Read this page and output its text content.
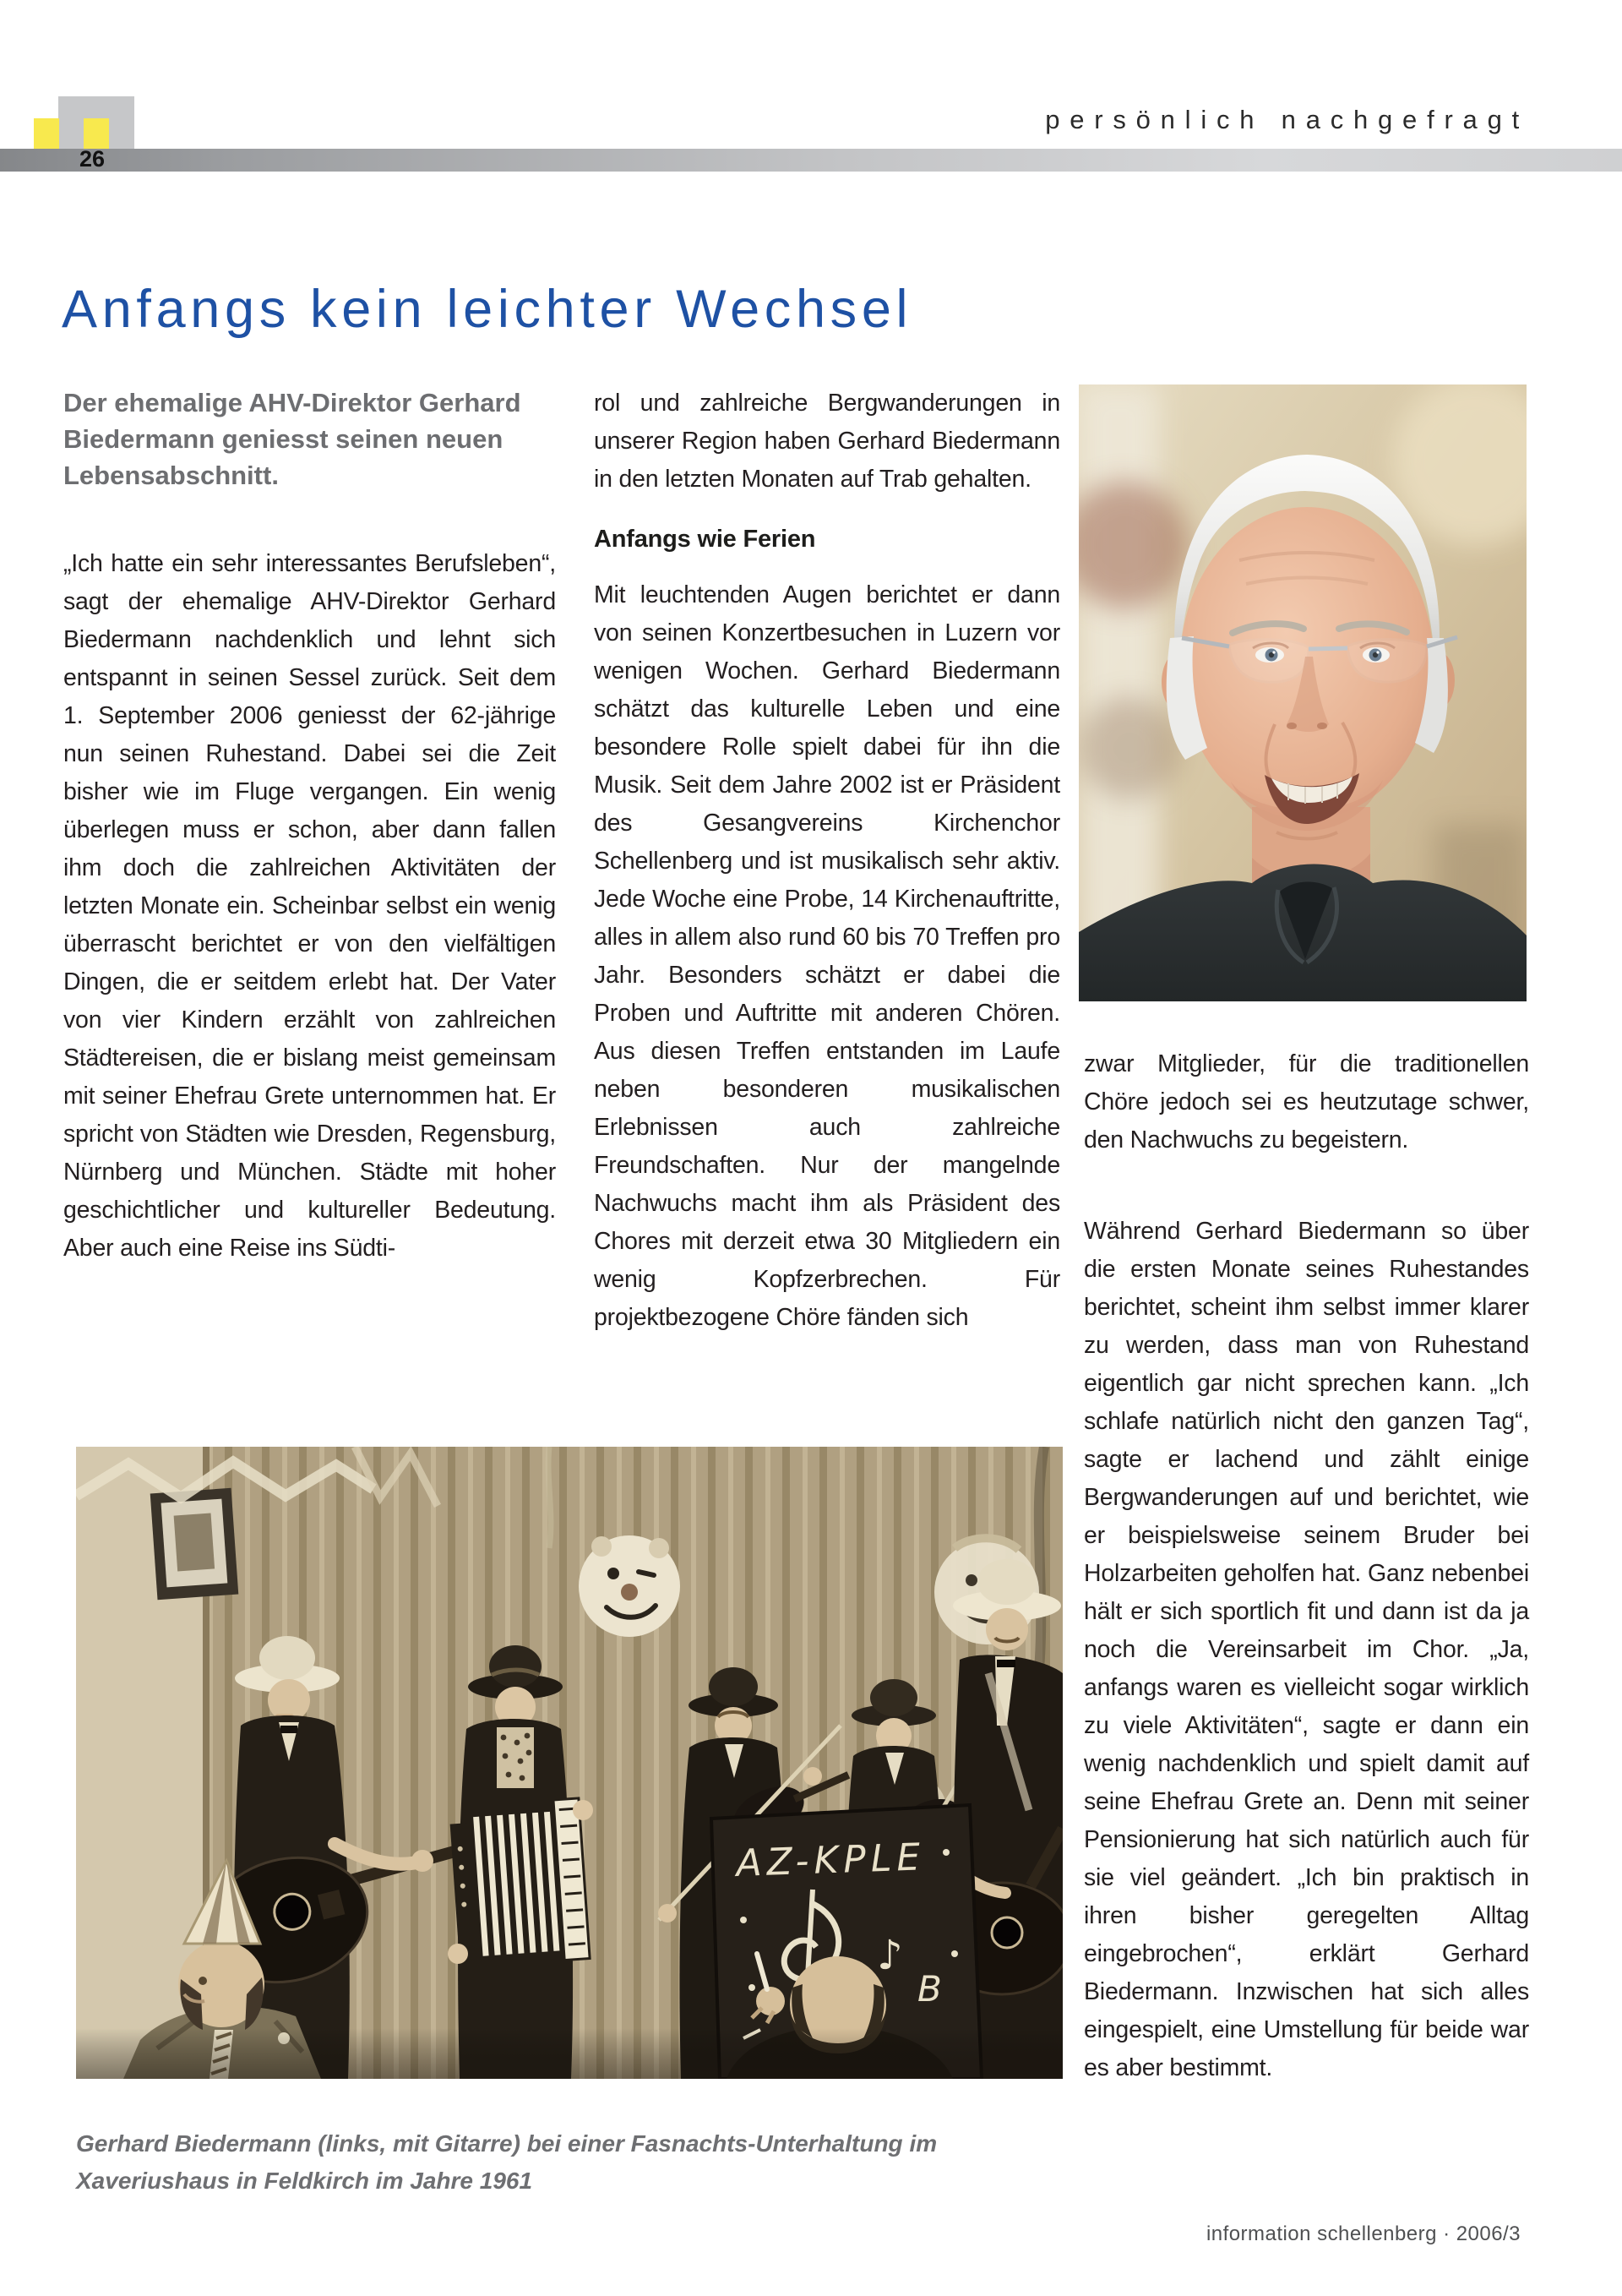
26
persönlich nachgefragt
Anfangs kein leichter Wechsel

Der ehemalige AHV-Direktor Gerhard Biedermann geniesst seinen neuen Lebensabschnitt.

„Ich hatte ein sehr interessantes Berufsleben“, sagt der ehemalige AHV-Direktor Gerhard Biedermann nachdenklich und lehnt sich entspannt in seinen Sessel zurück. Seit dem 1. September 2006 geniesst der 62-jährige nun seinen Ruhestand. Dabei sei die Zeit bisher wie im Fluge vergangen. Ein wenig überlegen muss er schon, aber dann fallen ihm doch die zahlreichen Aktivitäten der letzten Monate ein. Scheinbar selbst ein wenig überrascht berichtet er von den vielfältigen Dingen, die er seitdem erlebt hat. Der Vater von vier Kindern erzählt von zahlreichen Städtereisen, die er bislang meist gemeinsam mit seiner Ehefrau Grete unternommen hat. Er spricht von Städten wie Dresden, Regensburg, Nürnberg und München. Städte mit hoher geschichtlicher und kultureller Bedeutung. Aber auch eine Reise ins Südti-

rol und zahlreiche Bergwanderungen in unserer Region haben Gerhard Biedermann in den letzten Monaten auf Trab gehalten.

Anfangs wie Ferien

Mit leuchtenden Augen berichtet er dann von seinen Konzertbesuchen in Luzern vor wenigen Wochen. Gerhard Biedermann schätzt das kulturelle Leben und eine besondere Rolle spielt dabei für ihn die Musik. Seit dem Jahre 2002 ist er Präsident des Gesangvereins Kirchenchor Schellenberg und ist musikalisch sehr aktiv. Jede Woche eine Probe, 14 Kirchenauftritte, alles in allem also rund 60 bis 70 Treffen pro Jahr. Besonders schätzt er dabei die Proben und Auftritte mit anderen Chören. Aus diesen Treffen entstanden im Laufe neben besonderen musikalischen Erlebnissen auch zahlreiche Freundschaften. Nur der mangelnde Nachwuchs macht ihm als Präsident des Chores mit derzeit etwa 30 Mitgliedern ein wenig Kopfzerbrechen. Für projektbezogene Chöre fänden sich

zwar Mitglieder, für die traditionellen Chöre jedoch sei es heutzutage schwer, den Nachwuchs zu begeistern.

Während Gerhard Biedermann so über die ersten Monate seines Ruhestandes berichtet, scheint ihm selbst immer klarer zu werden, dass man von Ruhestand eigentlich gar nicht sprechen kann. „Ich schlafe natürlich nicht den ganzen Tag“, sagte er lachend und zählt einige Bergwanderungen auf und berichtet, wie er beispielsweise seinem Bruder bei Holzarbeiten geholfen hat. Ganz nebenbei hält er sich sportlich fit und dann ist da ja noch die Vereinsarbeit im Chor. „Ja, anfangs waren es vielleicht sogar wirklich zu viele Aktivitäten“, sagte er dann ein wenig nachdenklich und spielt damit auf seine Ehefrau Grete an. Denn mit seiner Pensionierung hat sich natürlich auch für sie viel geändert. „Ich bin praktisch in ihren bisher geregelten Alltag eingebrochen“, erklärt Gerhard Biedermann. Inzwischen hat sich alles eingespielt, eine Umstellung für beide war es aber bestimmt.

AZ-KPLE
♪
B

Gerhard Biedermann (links, mit Gitarre) bei einer Fasnachts-Unterhaltung im Xaveriushaus in Feldkirch im Jahre 1961

information schellenberg · 2006/3
